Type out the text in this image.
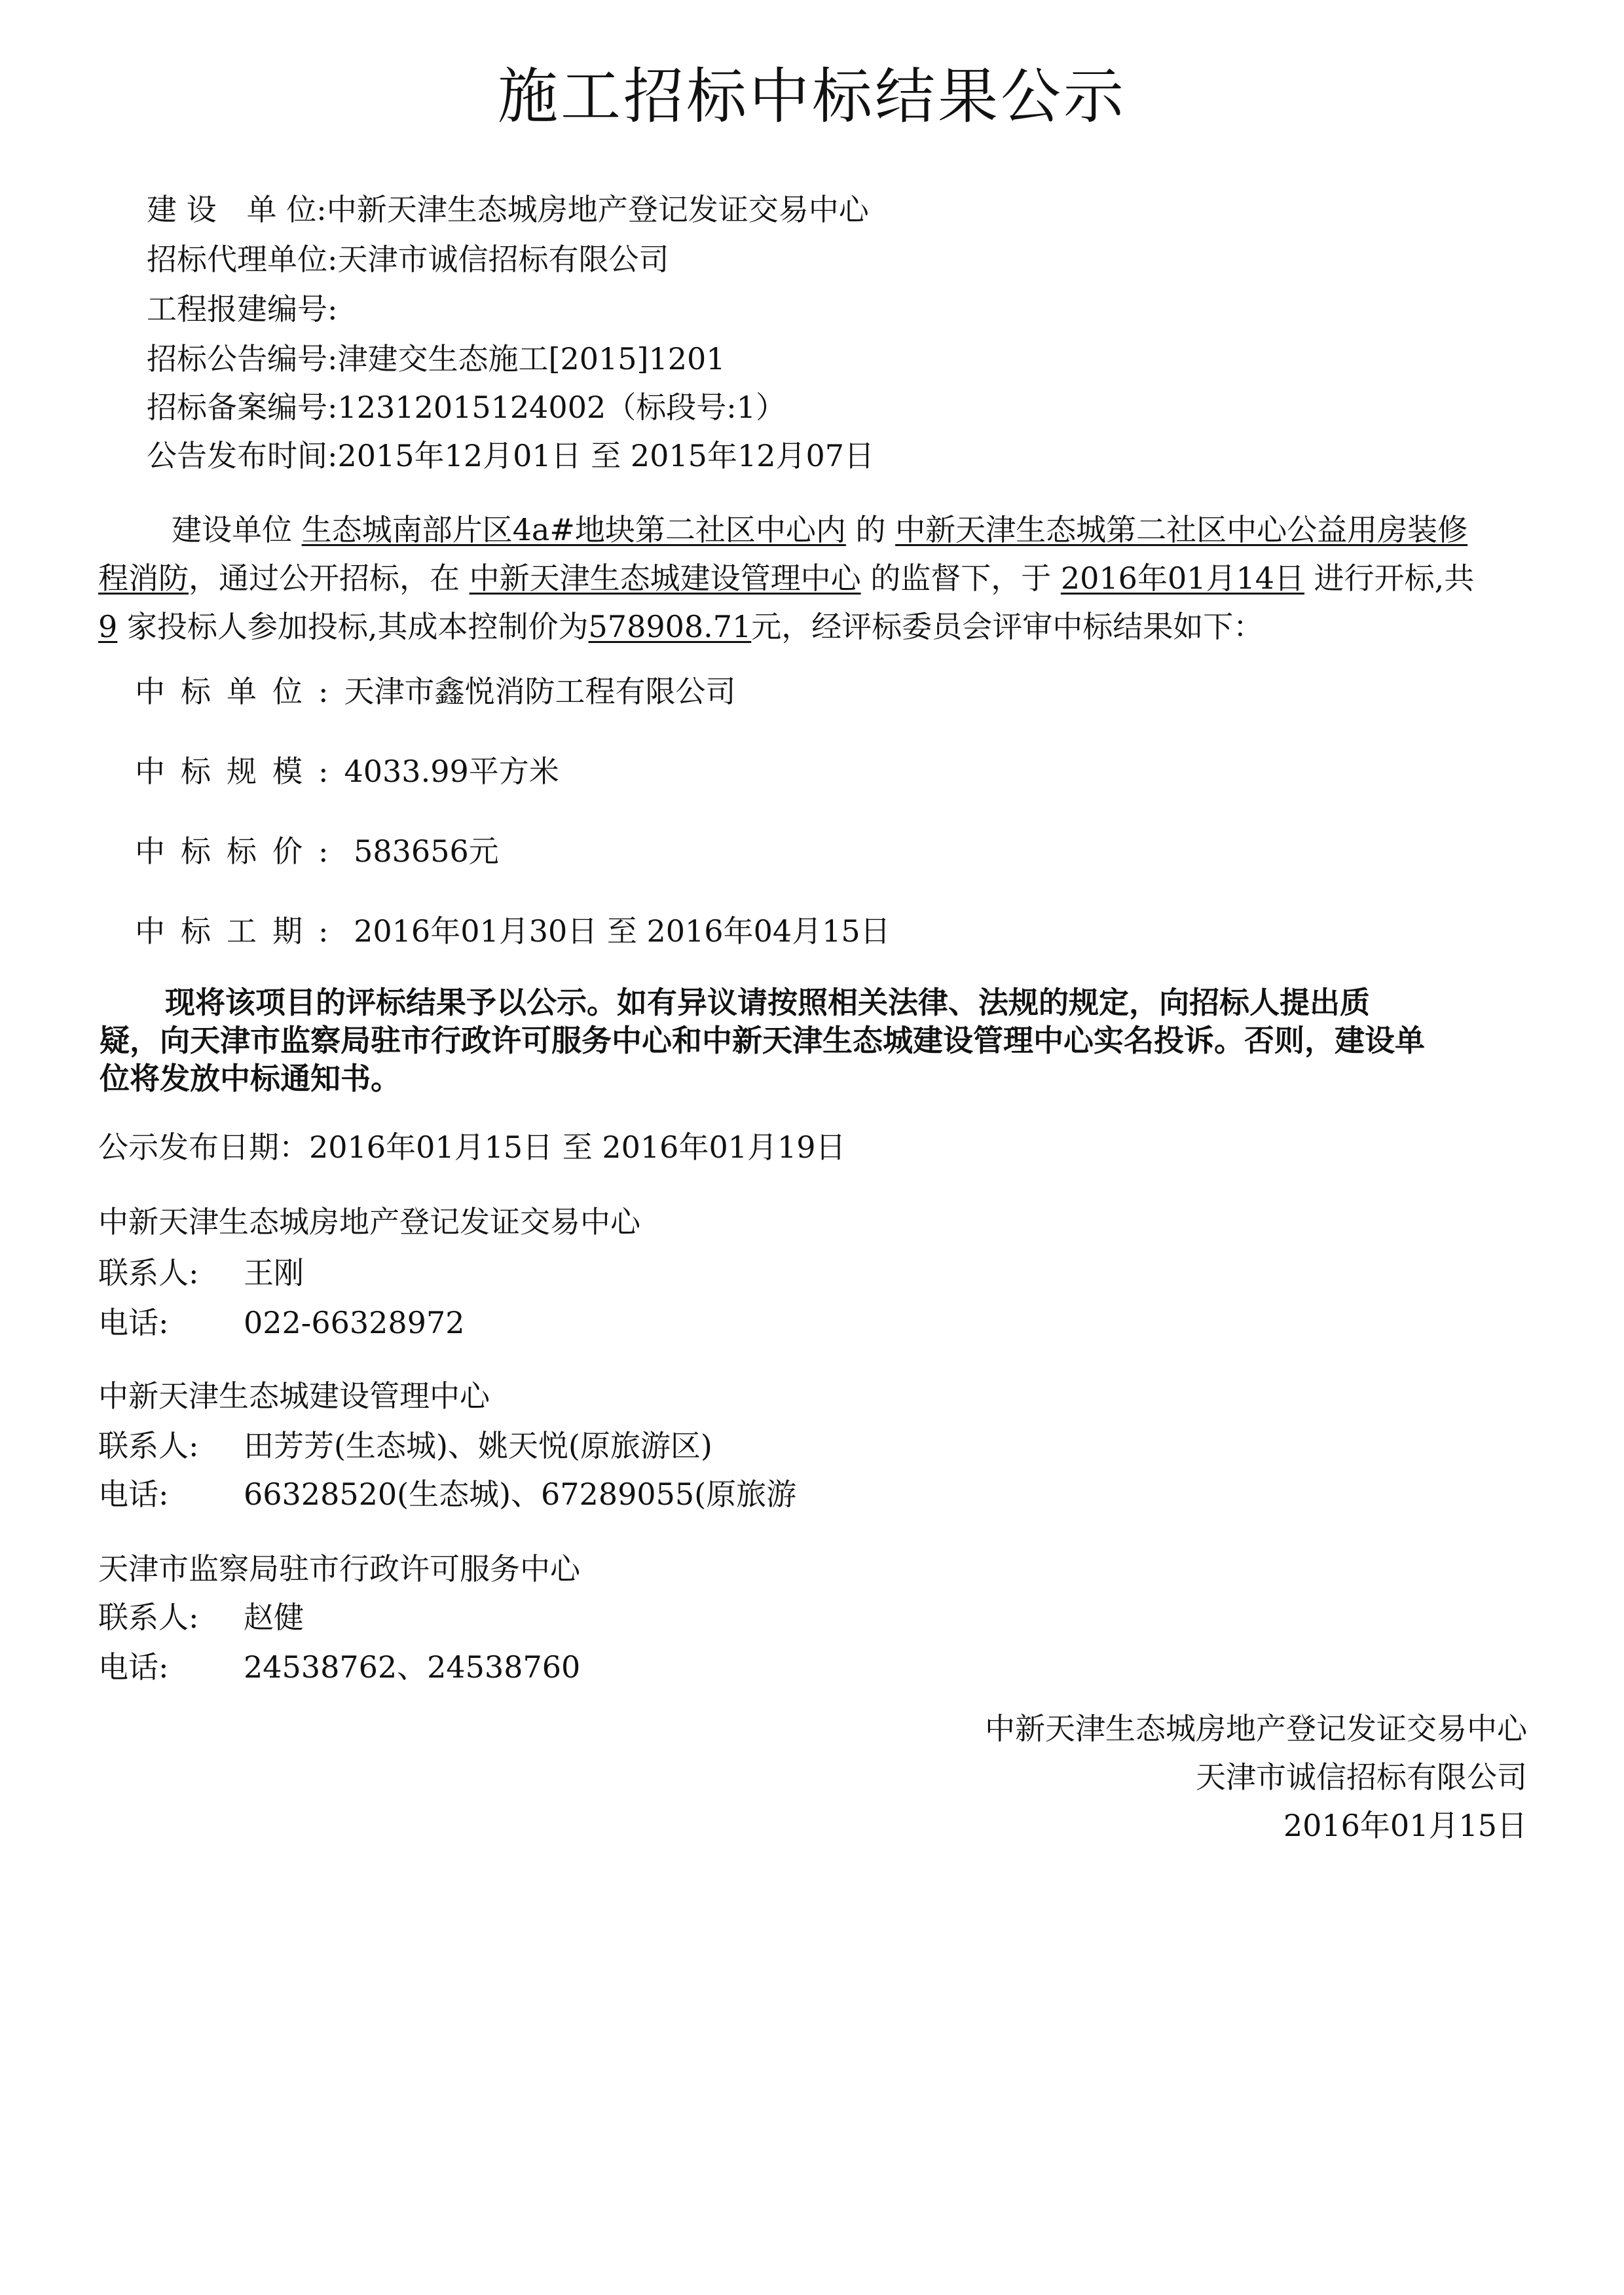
施工招标中标结果公示
建 设　单 位:中新天津生态城房地产登记发证交易中心
招标代理单位:天津市诚信招标有限公司
工程报建编号:
招标公告编号:津建交生态施工[2015]1201
招标备案编号:12312015124002（标段号:1）
公告发布时间:2015年12月01日 至 2015年12月07日
建设单位 生态城南部片区4a#地块第二社区中心内 的 中新天津生态城第二社区中心公益用房装修
程消防，通过公开招标，在 中新天津生态城建设管理中心 的监督下，于 2016年01月14日 进行开标,共
9 家投标人参加投标,其成本控制价为578908.71元，经评标委员会评审中标结果如下：
中标单位:天津市鑫悦消防工程有限公司
中标规模:4033.99平方米
中标标价: 583656元
中标工期: 2016年01月30日 至 2016年04月15日
现将该项目的评标结果予以公示。如有异议请按照相关法律、法规的规定，向招标人提出质
疑，向天津市监察局驻市行政许可服务中心和中新天津生态城建设管理中心实名投诉。否则，建设单
位将发放中标通知书。
公示发布日期：2016年01月15日 至 2016年01月19日
中新天津生态城房地产登记发证交易中心
联系人: 王刚
电话: 022-66328972
中新天津生态城建设管理中心
联系人: 田芳芳(生态城)、姚天悦(原旅游区)
电话: 66328520(生态城)、67289055(原旅游
天津市监察局驻市行政许可服务中心
联系人: 赵健
电话: 24538762、24538760
中新天津生态城房地产登记发证交易中心
天津市诚信招标有限公司
2016年01月15日
